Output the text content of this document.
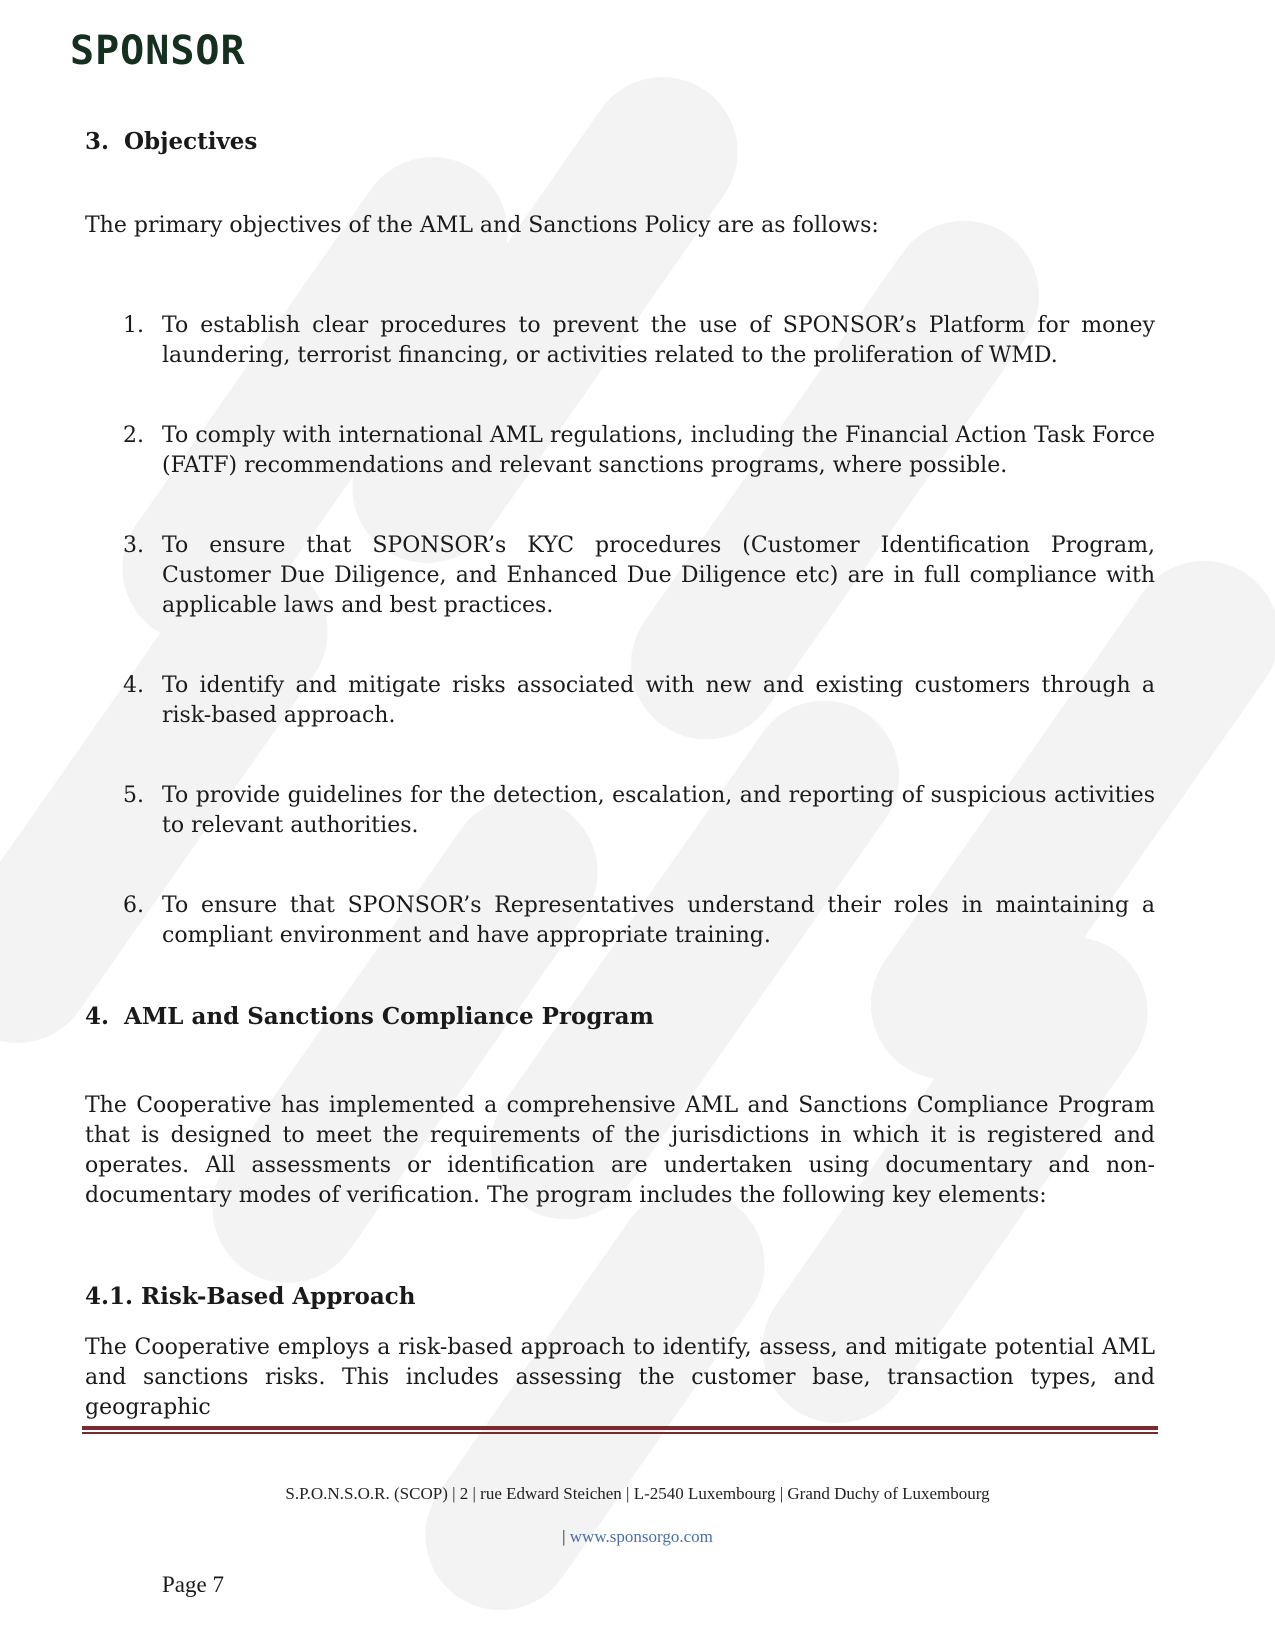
SPONSOR
3. Objectives
The primary objectives of the AML and Sanctions Policy are as follows:
1. To establish clear procedures to prevent the use of SPONSOR’s Platform for money laundering, terrorist financing, or activities related to the proliferation of WMD.
2. To comply with international AML regulations, including the Financial Action Task Force (FATF) recommendations and relevant sanctions programs, where possible.
3. To ensure that SPONSOR’s KYC procedures (Customer Identification Program, Customer Due Diligence, and Enhanced Due Diligence etc) are in full compliance with applicable laws and best practices.
4. To identify and mitigate risks associated with new and existing customers through a risk-based approach.
5. To provide guidelines for the detection, escalation, and reporting of suspicious activities to relevant authorities.
6. To ensure that SPONSOR’s Representatives understand their roles in maintaining a compliant environment and have appropriate training.
4. AML and Sanctions Compliance Program
The Cooperative has implemented a comprehensive AML and Sanctions Compliance Program that is designed to meet the requirements of the jurisdictions in which it is registered and operates. All assessments or identification are undertaken using documentary and non-documentary modes of verification. The program includes the following key elements:
4.1. Risk-Based Approach
The Cooperative employs a risk-based approach to identify, assess, and mitigate potential AML and sanctions risks. This includes assessing the customer base, transaction types, and geographic
S.P.O.N.S.O.R. (SCOP) | 2 | rue Edward Steichen | L-2540 Luxembourg | Grand Duchy of Luxembourg
| www.sponsorgo.com
Page 7
